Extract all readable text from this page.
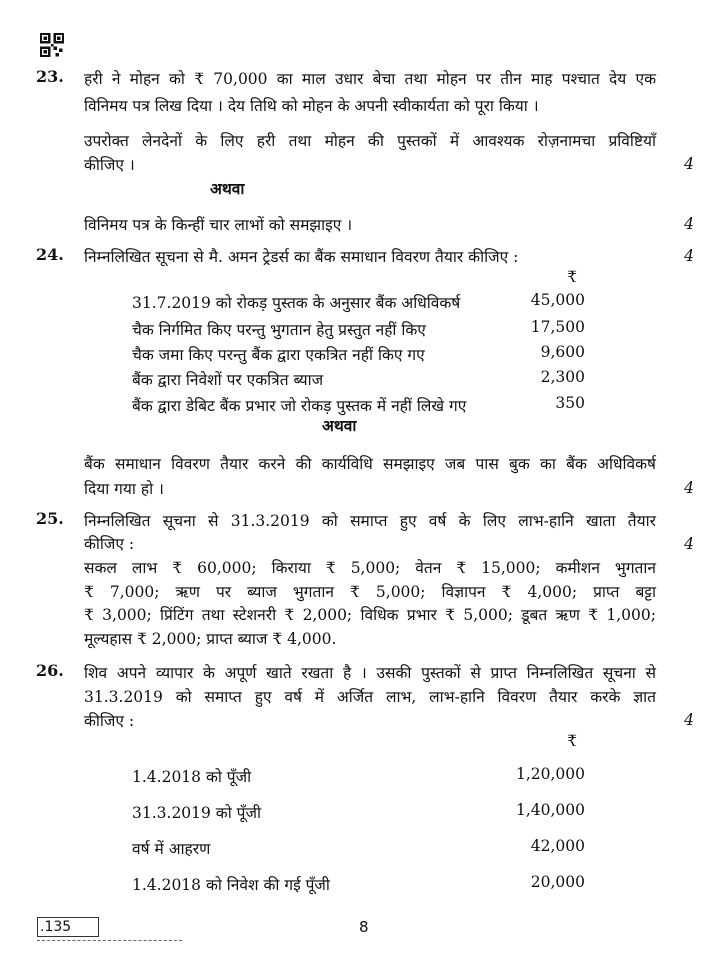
23. हरी ने मोहन को ₹ 70,000 का माल उधार बेचा तथा मोहन पर तीन माह पश्चात देय एक
विनिमय पत्र लिख दिया । देय तिथि को मोहन के अपनी स्वीकार्यता को पूरा किया ।
उपरोक्त लेनदेनों के लिए हरी तथा मोहन की पुस्तकों में आवश्यक रोज़नामचा प्रविष्टियाँ
कीजिए ।	4
अथवा
विनिमय पत्र के किन्हीं चार लाभों को समझाइए ।	4
24. निम्नलिखित सूचना से मै. अमन ट्रेडर्स का बैंक समाधान विवरण तैयार कीजिए :	4
₹
31.7.2019 को रोकड़ पुस्तक के अनुसार बैंक अधिविकर्ष	45,000
चैक निर्गमित किए परन्तु भुगतान हेतु प्रस्तुत नहीं किए	17,500
चैक जमा किए परन्तु बैंक द्वारा एकत्रित नहीं किए गए	9,600
बैंक द्वारा निवेशों पर एकत्रित ब्याज	2,300
बैंक द्वारा डेबिट बैंक प्रभार जो रोकड़ पुस्तक में नहीं लिखे गए	350
अथवा
बैंक समाधान विवरण तैयार करने की कार्यविधि समझाइए जब पास बुक का बैंक अधिविकर्ष
दिया गया हो ।	4
25. निम्नलिखित सूचना से 31.3.2019 को समाप्त हुए वर्ष के लिए लाभ-हानि खाता तैयार
कीजिए :	4
सकल लाभ ₹ 60,000; किराया ₹ 5,000; वेतन ₹ 15,000; कमीशन भुगतान
₹ 7,000; ऋण पर ब्याज भुगतान ₹ 5,000; विज्ञापन ₹ 4,000; प्राप्त बट्टा
₹ 3,000; प्रिंटिंग तथा स्टेशनरी ₹ 2,000; विधिक प्रभार ₹ 5,000; डूबत ऋण ₹ 1,000;
मूल्यहास ₹ 2,000; प्राप्त ब्याज ₹ 4,000.
26. शिव अपने व्यापार के अपूर्ण खाते रखता है । उसकी पुस्तकों से प्राप्त निम्नलिखित सूचना से
31.3.2019 को समाप्त हुए वर्ष में अर्जित लाभ, लाभ-हानि विवरण तैयार करके ज्ञात
कीजिए :	4
₹
1.4.2018 को पूँजी	1,20,000
31.3.2019 को पूँजी	1,40,000
वर्ष में आहरण	42,000
1.4.2018 को निवेश की गई पूँजी	20,000
.135	8
